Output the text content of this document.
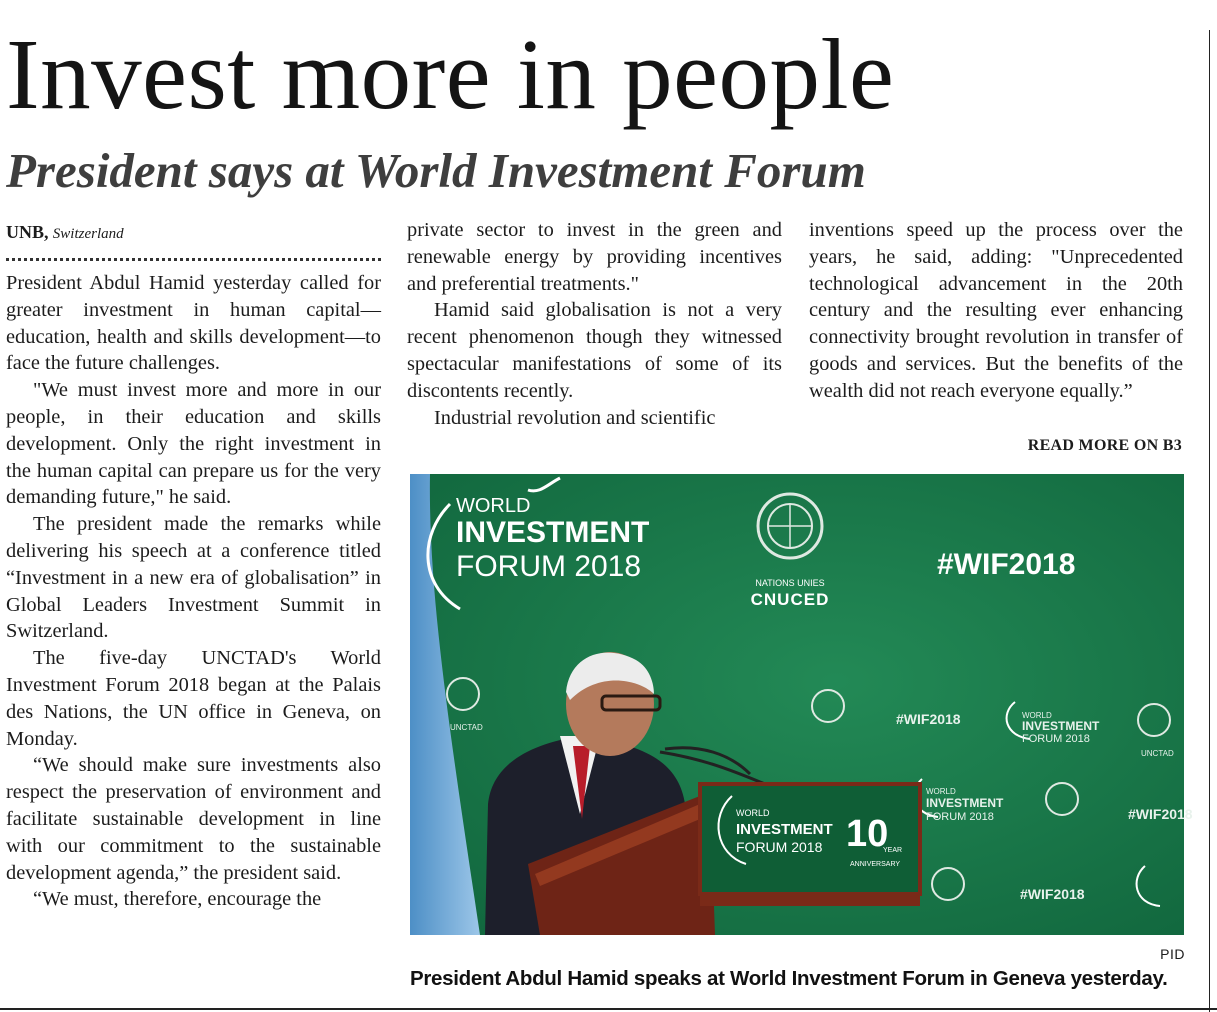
Invest more in people
President says at World Investment Forum
UNB, Switzerland

President Abdul Hamid yesterday called for greater investment in human capital—education, health and skills development—to face the future challenges.

"We must invest more and more in our people, in their education and skills development. Only the right investment in the human capital can prepare us for the very demanding future," he said.

The president made the remarks while delivering his speech at a conference titled “Investment in a new era of globalisation” in Global Leaders Investment Summit in Switzerland.

The five-day UNCTAD's World Investment Forum 2018 began at the Palais des Nations, the UN office in Geneva, on Monday.

“We should make sure investments also respect the preservation of environment and facilitate sustainable development in line with our commitment to the sustainable development agenda,” the president said.

“We must, therefore, encourage the

private sector to invest in the green and renewable energy by providing incentives and preferential treatments."

Hamid said globalisation is not a very recent phenomenon though they witnessed spectacular manifestations of some of its discontents recently.

Industrial revolution and scientific

inventions speed up the process over the years, he said, adding: "Unprecedented technological advancement in the 20th century and the resulting ever enhancing connectivity brought revolution in transfer of goods and services. But the benefits of the wealth did not reach everyone equally.”

READ MORE ON B3

WORLD
INVESTMENT
FORUM 2018	NATIONS UNIES
CNUCED
#WIF2018
UNCTAD
#WIF2018	WORLD
INVESTMENT
FORUM 2018
UNCTAD
WORLD
INVESTMENT
FORUM 2018	#WIF2018
#WIF2018
WORLD
INVESTMENT
FORUM 2018 10
YEAR
ANNIVERSARY

PID

President Abdul Hamid speaks at World Investment Forum in Geneva yesterday.
